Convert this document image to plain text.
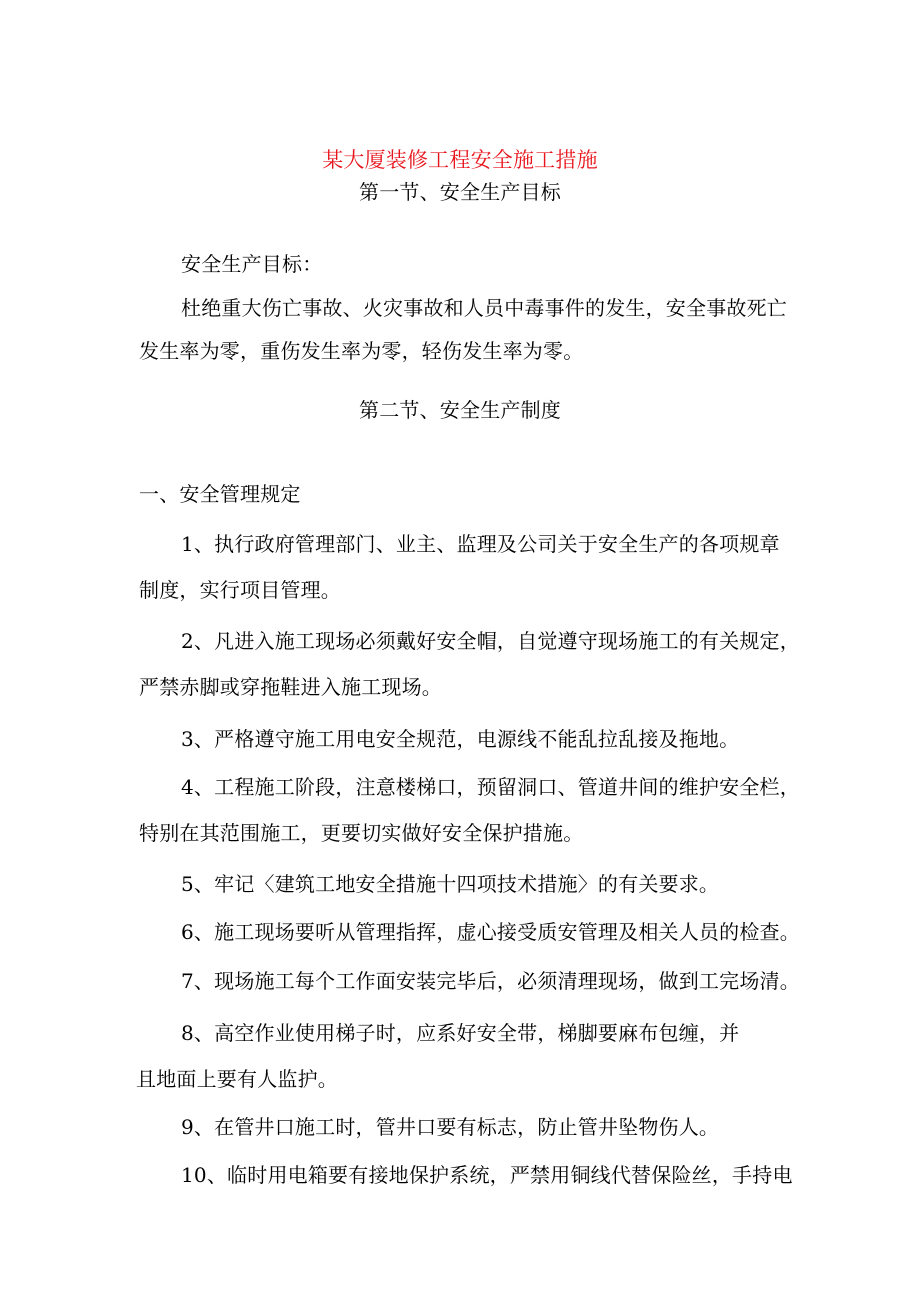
某大厦装修工程安全施工措施
第一节、安全生产目标
安全生产目标：
杜绝重大伤亡事故、火灾事故和人员中毒事件的发生，安全事故死亡
发生率为零，重伤发生率为零，轻伤发生率为零。
第二节、安全生产制度
一、安全管理规定
1、执行政府管理部门、业主、监理及公司关于安全生产的各项规章
制度，实行项目管理。
2、凡进入施工现场必须戴好安全帽，自觉遵守现场施工的有关规定，
严禁赤脚或穿拖鞋进入施工现场。
3、严格遵守施工用电安全规范，电源线不能乱拉乱接及拖地。
4、工程施工阶段，注意楼梯口，预留洞口、管道井间的维护安全栏，
特别在其范围施工，更要切实做好安全保护措施。
5、牢记〈建筑工地安全措施十四项技术措施〉的有关要求。
6、施工现场要听从管理指挥，虚心接受质安管理及相关人员的检查。
7、现场施工每个工作面安装完毕后，必须清理现场，做到工完场清。
8、高空作业使用梯子时，应系好安全带，梯脚要麻布包缠，并
且地面上要有人监护。
9、在管井口施工时，管井口要有标志，防止管井坠物伤人。
10、临时用电箱要有接地保护系统，严禁用铜线代替保险丝，手持电
